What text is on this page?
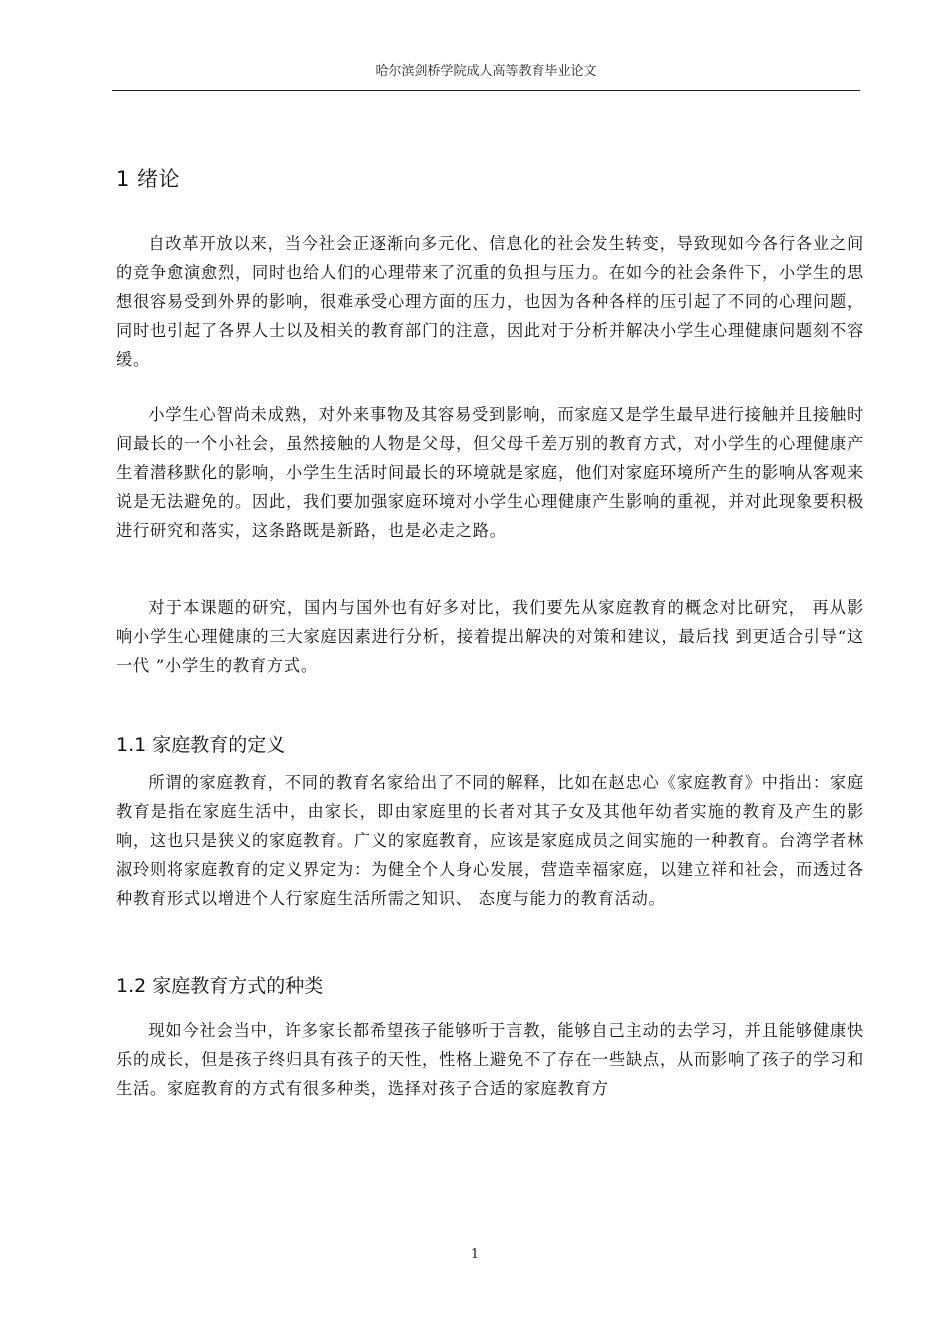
哈尔滨剑桥学院成人高等教育毕业论文
1 绪论

自改革开放以来，当今社会正逐渐向多元化、信息化的社会发生转变，导致现如今各行各业之间的竞争愈演愈烈，同时也给人们的心理带来了沉重的负担与压力。在如今的社会条件下，小学生的思想很容易受到外界的影响，很难承受心理方面的压力，也因为各种各样的压引起了不同的心理问题，同时也引起了各界人士以及相关的教育部门的注意，因此对于分析并解决小学生心理健康问题刻不容缓。

小学生心智尚未成熟，对外来事物及其容易受到影响，而家庭又是学生最早进行接触并且接触时间最长的一个小社会，虽然接触的人物是父母，但父母千差万别的教育方式，对小学生的心理健康产生着潜移默化的影响，小学生生活时间最长的环境就是家庭，他们对家庭环境所产生的影响从客观来说是无法避免的。因此，我们要加强家庭环境对小学生心理健康产生影响的重视，并对此现象要积极进行研究和落实，这条路既是新路，也是必走之路。

对于本课题的研究，国内与国外也有好多对比，我们要先从家庭教育的概念对比研究， 再从影响小学生心理健康的三大家庭因素进行分析，接着提出解决的对策和建议，最后找 到更适合引导“这一代 ”小学生的教育方式。

1.1 家庭教育的定义

所谓的家庭教育，不同的教育名家给出了不同的解释，比如在赵忠心《家庭教育》中指出：家庭教育是指在家庭生活中，由家长，即由家庭里的长者对其子女及其他年幼者实施的教育及产生的影响，这也只是狭义的家庭教育。广义的家庭教育，应该是家庭成员之间实施的一种教育。台湾学者林淑玲则将家庭教育的定义界定为：为健全个人身心发展，营造幸福家庭，以建立祥和社会，而透过各种教育形式以增进个人行家庭生活所需之知识、 态度与能力的教育活动。

1.2 家庭教育方式的种类

现如今社会当中，许多家长都希望孩子能够听于言教，能够自己主动的去学习，并且能够健康快乐的成长，但是孩子终归具有孩子的天性，性格上避免不了存在一些缺点，从而影响了孩子的学习和生活。家庭教育的方式有很多种类，选择对孩子合适的家庭教育方

1
